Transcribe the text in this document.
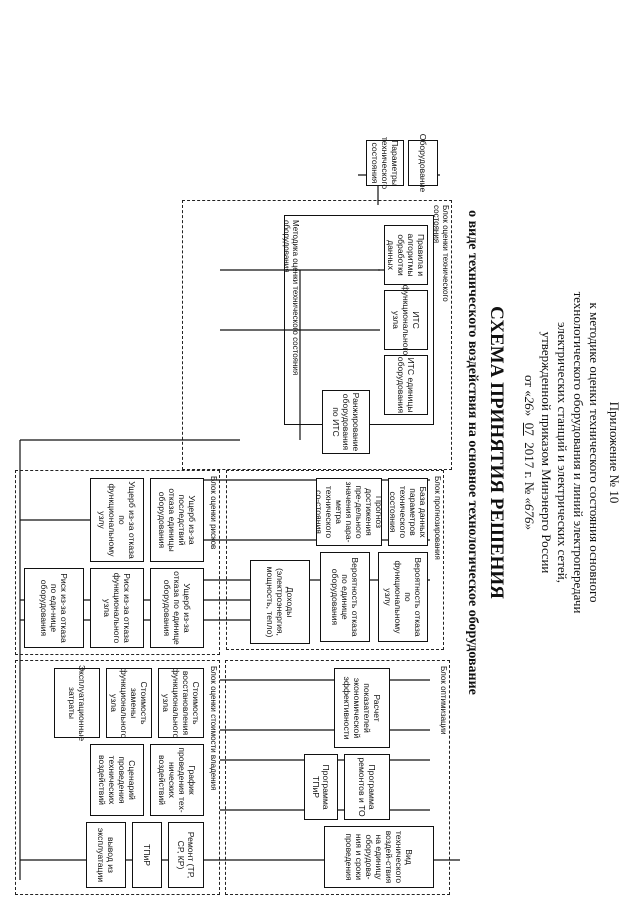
Приложение № 10
к методике оценки технического состояния основного
технологического оборудования и линий электропередачи
электрических станций и электрических сетей,
утвержденной приказом Минэнерго России
от «26»  07  2017 г. № «676»
СХЕМА ПРИНЯТИЯ РЕШЕНИЯ
о виде технического воздействия на основное технологическое оборудование
Блок оценки технического состояния
Оборудование
Параметры технического состояния
Методика оценки технического состояния оборудования	Правила и алгоритмы обработки данных
ИТС функционального узла
ИТС единицы оборудования
Ранжирование оборудования по ИТС
Блок прогнозирования
База данных параметров технического состояния
Прогноз достижения пре-дельного значения пара-метра технического со-стояния
Вероятность отказа по функциональному узлу
Вероятность отказа по единице оборудования
Доходы (электроэнергия, мощность, тепло)
Блок оценки рисков
Ущерб из-за последствий отказа единицы оборудования
Ущерб из-за отказа по функциональному узлу
Ущерб из-за отказа по единице оборудования
Риск из-за отказа функционального узла
Риск из-за отказа по еди-нице оборудования
Блок оценки стоимости владения
Стоимость восстановления функционального узла
Стоимость замены функционального узла
Эксплуатационные затраты
График проведения тех-нических воздействий
Сценарий проведения технических воздействий
Ремонт (ТР, СР, КР)
ТПиР
вывод из эксплуатации
Блок оптимизации
Расчет показателей экономической эффективности
Программа ремонтов и ТО
Программа ТПиР
Вид технического воздей-ствия на единицу оборудова-ния и сроки проведения
